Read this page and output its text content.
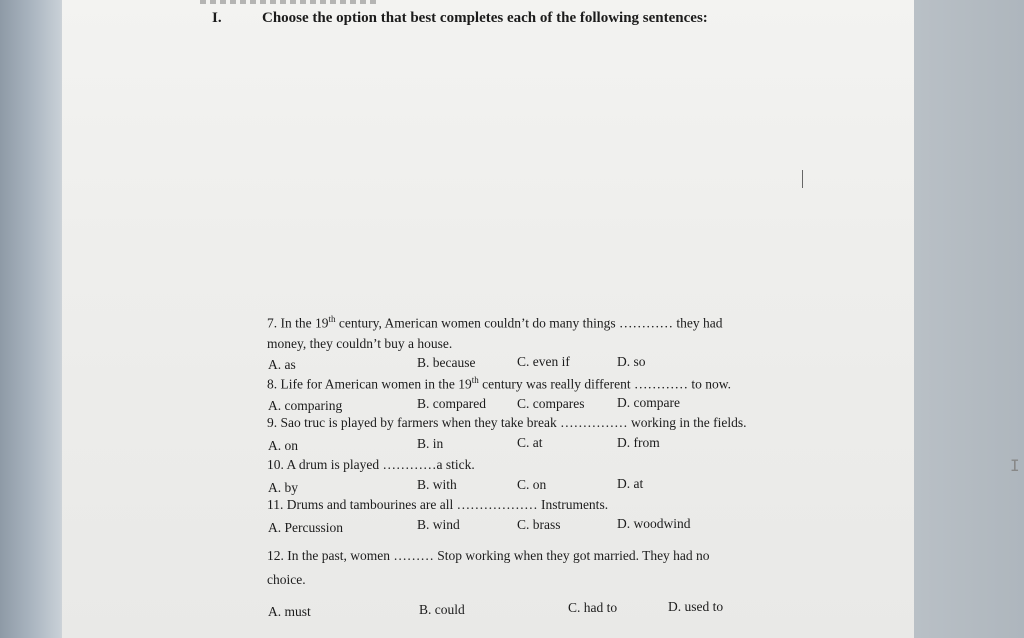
I.	Choose the option that best completes each of the following sentences:
I
7. In the 19th century, American women couldn’t do many things ………… they had
money, they couldn’t buy a house.
A. as	B. because	C. even if	D. so
8. Life for American women in the 19th century was really different ………… to now.
A. comparing	B. compared C. compares D. compare
9. Sao truc is played by farmers when they take break …………… working in the fields.
A. on	B. in	C. at	D. from
10. A drum is played …………a stick.
A. by	B. with	C. on	D. at
11. Drums and tambourines are all ……………… Instruments.
A. Percussion	B. wind	C. brass	D. woodwind
12. In the past, women ……… Stop working when they got married. They had no
choice.
A. must	B. could	C. had to	D. used to
